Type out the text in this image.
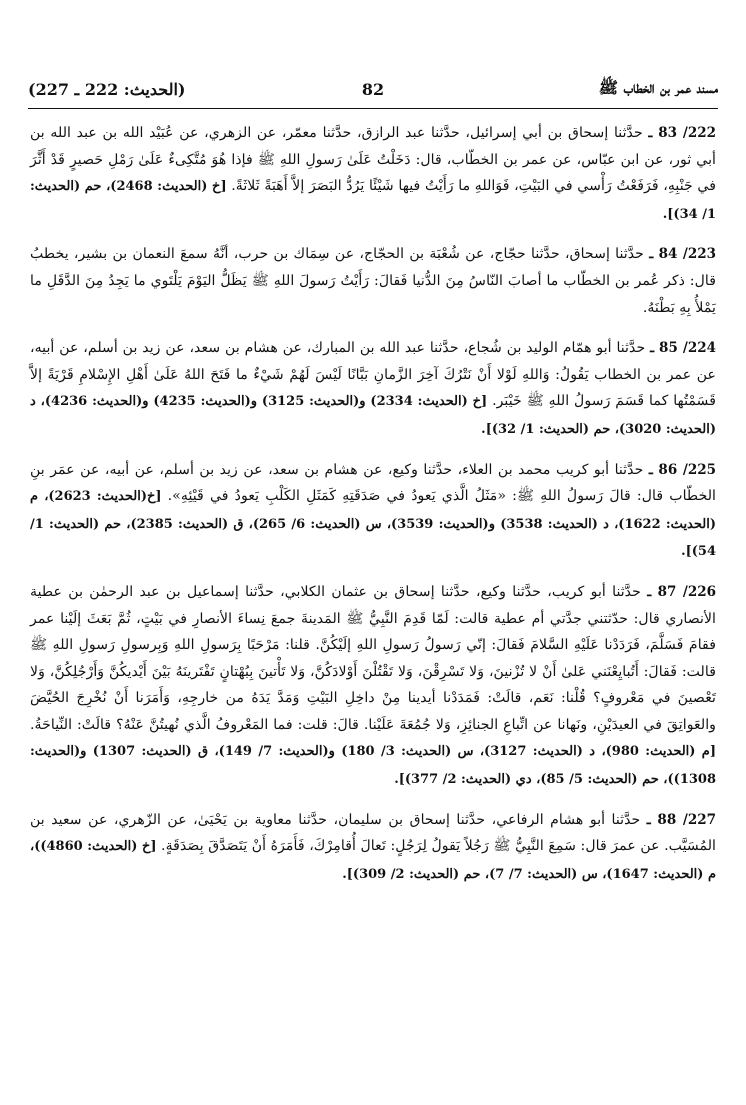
(الحديث: 222 ـ 227)	82	مسند عمر بن الخطاب ﷺ

222/ 83 ـ حدَّثنا إسحاق بن أبي إسرائيل، حدَّثنا عبد الرازق، حدَّثنا معمّر، عن الزهري، عن عُبَيْد الله بن عبد الله بن أبي ثور، عن ابن عبّاس، عن عمر بن الخطّاب، قال: دَخَلْتُ عَلَىٰ رَسولِ اللهِ ﷺ فإذا هُوَ مُتَّكِىءٌ عَلَىٰ رَمْلِ حَصيرٍ قَدْ أَثَّرَ في جَنْبِهِ، فَرَفَعْتُ رَأْسي في البَيْتِ، فَوَاللهِ ما رَأَيْتُ فيها شَيْئًا يَرُدُّ البَصَرَ إلاَّ أَهَبَةً ثَلاثَةً. [خ (الحديث: 2468)، حم (الحديث: 1/ 34)].

223/ 84 ـ حدَّثنا إسحاق، حدَّثنا حجّاج، عن شُعْبَة بن الحجّاج، عن سِمَاك بن حرب، أنَّهُ سمعَ النعمان بن بشير، يخطبُ قال: ذكر عُمر بن الخطّاب ما أصابَ النّاسُ مِنَ الدُّنيا فَقالَ: رَأَيْتُ رَسولَ اللهِ ﷺ يَظَلُّ اليَوْمَ يَلْتَوي ما يَجِدُ مِنَ الدَّقَلِ ما يَمْلأُ بِهِ بَطْنَهُ.

224/ 85 ـ حدَّثنا أبو همّام الوليد بن شُجاع، حدَّثنا عبد الله بن المبارك، عن هشام بن سعد، عن زيد بن أسلم، عن أبيه، عن عمر بن الخطاب يَقُولُ: وَاللهِ لَوْلا أَنْ نَتْرُكَ آخِرَ الزَّمانِ بَبَّانًا لَيْسَ لَهُمْ شَيْءٌ ما فَتَحَ اللهُ عَلَىٰ أَهْلِ الإِسْلامِ قَرْيَةً إلاَّ قَسَمْتُها كما قَسَمَ رَسولُ اللهِ ﷺ خَيْبَر. [خ (الحديث: 2334) و(الحديث: 3125) و(الحديث: 4235) و(الحديث: 4236)، د (الحديث: 3020)، حم (الحديث: 1/ 32)].

225/ 86 ـ حدَّثنا أبو كريب محمد بن العلاء، حدَّثنا وكيع، عن هشام بن سعد، عن زيد بن أسلم، عن أبيه، عن عمَر بنِ الخطّاب قال: قالَ رَسولُ اللهِ ﷺ: «مَثَلُ الَّذي يَعودُ في صَدَقَتِهِ كَمَثَلِ الكَلْبِ يَعودُ في قَيْئِهِ». [خ(الحديث: 2623)، م (الحديث: 1622)، د (الحديث: 3538) و(الحديث: 3539)، س (الحديث: 6/ 265)، ق (الحديث: 2385)، حم (الحديث: 1/ 54)].

226/ 87 ـ حدَّثنا أبو كريب، حدَّثنا وكيع، حدَّثنا إسحاق بن عثمان الكلابي، حدَّثنا إسماعيل بن عبد الرحمٰن بن عطية الأنصاري قال: حدّثتني جدَّتي أم عطية قالت: لَمّا قَدِمَ النَّبِيُّ ﷺ المَدينةَ جمعَ نِساءَ الأنصارِ في بَيْتٍ، ثُمَّ بَعَثَ إلَيْنا عمر فقامَ فَسَلَّمَ، فَرَدَدْنا عَلَيْهِ السَّلامَ فَقالَ: إنّي رَسولُ رَسولِ اللهِ إلَيْكُنَّ. قلنا: مَرْحَبًا بِرَسولِ اللهِ وَبِرسولِ رَسولِ اللهِ ﷺ قالت: فَقالَ: أَتُبايِعْنَني عَلىٰ أَنْ لا تُزْنينَ، وَلا تَسْرِقْنَ، وَلا تَقْتُلْنَ أَوْلادَكُنَّ، وَلا تَأْتينَ بِبُهْتانٍ تَفْتَرينَهُ بَيْنَ أَيْديكُنَّ وَأَرْجُلِكُنَّ، وَلا تَعْصينَ في مَعْروفٍ؟ قُلْنا: نَعَم، قالَتْ: فَمَدَدْنا أيدينا مِنْ داخِلِ البَيْتِ وَمَدَّ يَدَهُ من خارجِهِ، وَأَمَرَنا أَنْ نُخْرِجَ الحُيَّضَ والعَواتِقَ في العيدَيْنِ، ونَهانا عن اتِّباعِ الجنائِزِ، وَلا جُمُعَةَ عَلَيْنا. قالَ: قلت: فما المَعْروفُ الَّذي نُهيتُنَّ عَنْهُ؟ قالَتْ: النِّياحَةُ. [م (الحديث: 980)، د (الحديث: 3127)، س (الحديث: 3/ 180) و(الحديث: 7/ 149)، ق (الحديث: 1307) و(الحديث: 1308))، حم (الحديث: 5/ 85)، دي (الحديث: 2/ 377)].

227/ 88 ـ حدَّثنا أبو هشام الرفاعي، حدَّثنا إسحاق بن سليمان، حدَّثنا معاوية بن يَحْيَىٰ، عن الزّهري، عن سعيد بن المُسَيَّب. عن عمرَ قال: سَمِعَ النَّبِيُّ ﷺ رَجُلاً يَقولُ لِرَجُلٍ: تَعالَ أُقامِرْكَ، فَأَمَرَهُ أَنْ يَتَصَدَّقَ بِصَدَقَةٍ. [خ (الحديث: 4860))، م (الحديث: 1647)، س (الحديث: 7/ 7)، حم (الحديث: 2/ 309)].
